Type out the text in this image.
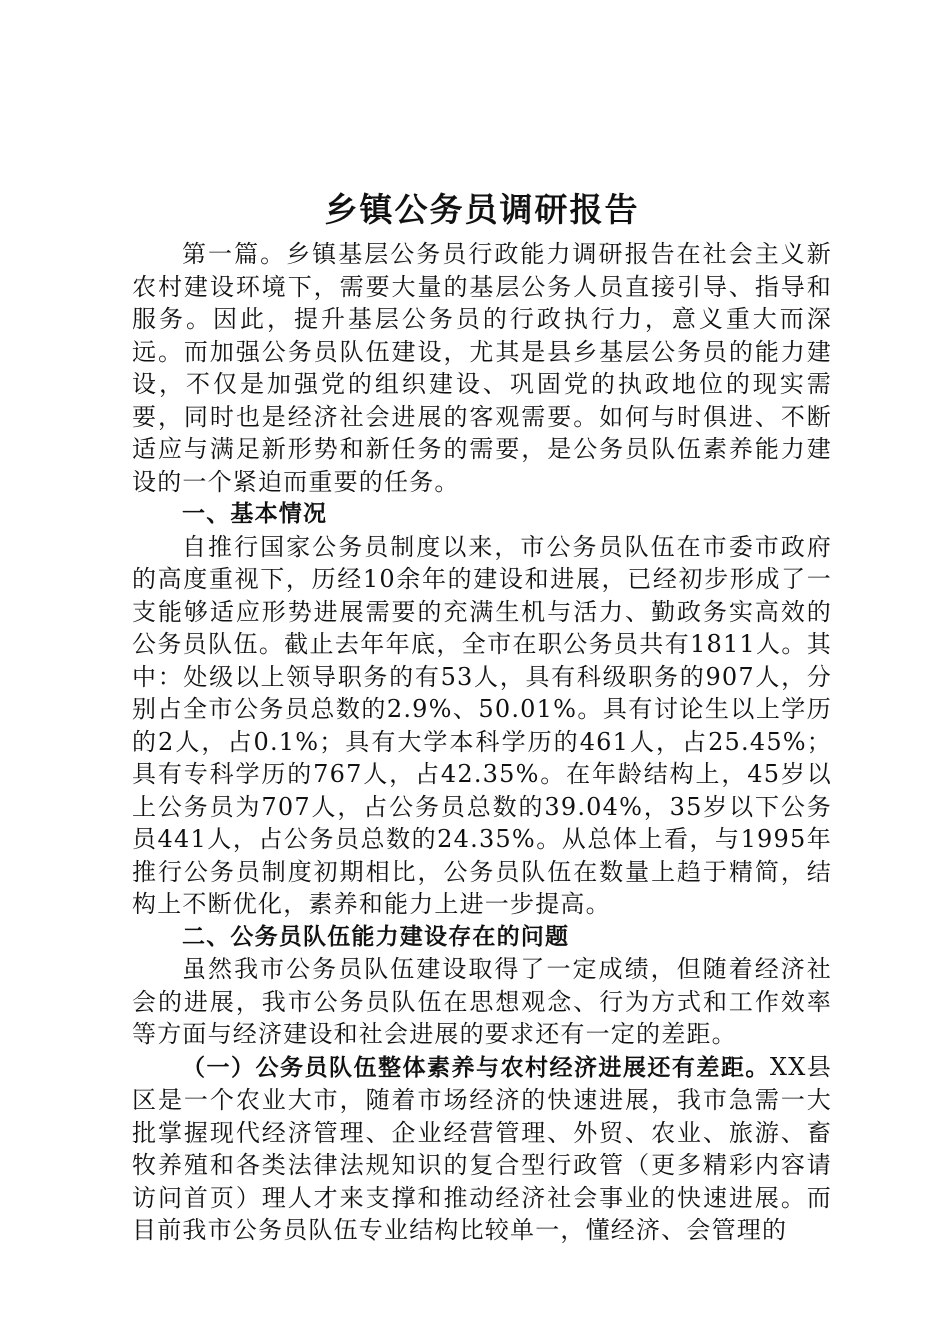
乡镇公务员调研报告

第一篇。乡镇基层公务员行政能力调研报告在社会主义新农村建设环境下，需要大量的基层公务人员直接引导、指导和服务。因此，提升基层公务员的行政执行力，意义重大而深远。而加强公务员队伍建设，尤其是县乡基层公务员的能力建设，不仅是加强党的组织建设、巩固党的执政地位的现实需要，同时也是经济社会进展的客观需要。如何与时俱进、不断适应与满足新形势和新任务的需要，是公务员队伍素养能力建设的一个紧迫而重要的任务。

一、基本情况

自推行国家公务员制度以来，市公务员队伍在市委市政府的高度重视下，历经10余年的建设和进展，已经初步形成了一支能够适应形势进展需要的充满生机与活力、勤政务实高效的公务员队伍。截止去年年底，全市在职公务员共有1811人。其中：处级以上领导职务的有53人，具有科级职务的907人，分别占全市公务员总数的2.9%、50.01%。具有讨论生以上学历的2人，占0.1%；具有大学本科学历的461人，占25.45%；具有专科学历的767人，占42.35%。在年龄结构上，45岁以上公务员为707人，占公务员总数的39.04%，35岁以下公务员441人，占公务员总数的24.35%。从总体上看，与1995年推行公务员制度初期相比，公务员队伍在数量上趋于精简，结构上不断优化，素养和能力上进一步提高。

二、公务员队伍能力建设存在的问题

虽然我市公务员队伍建设取得了一定成绩，但随着经济社会的进展，我市公务员队伍在思想观念、行为方式和工作效率等方面与经济建设和社会进展的要求还有一定的差距。

（一）公务员队伍整体素养与农村经济进展还有差距。XX县区是一个农业大市，随着市场经济的快速进展，我市急需一大批掌握现代经济管理、企业经营管理、外贸、农业、旅游、畜牧养殖和各类法律法规知识的复合型行政管（更多精彩内容请访问首页）理人才来支撑和推动经济社会事业的快速进展。而目前我市公务员队伍专业结构比较单一，懂经济、会管理的
